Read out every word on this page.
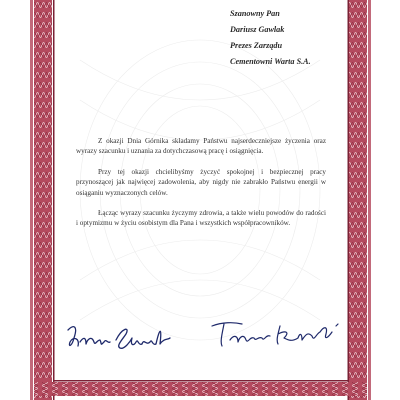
Szanowny Pan
Dariusz Gawlak
Prezes Zarządu
Cementowni Warta S.A.

Z okazji Dnia Górnika składamy Państwu najserdeczniejsze życzenia oraz wyrazy szacunku i uznania za dotychczasową pracę i osiągnięcia.

Przy tej okazji chcielibyśmy życzyć spokojnej i bezpiecznej pracy przynoszącej jak najwięcej zadowolenia, aby nigdy nie zabrakło Państwu energii w osiąganiu wyznaczonych celów.

Łącząc wyrazy szacunku życzymy zdrowia, a także wielu powodów do radości i optymizmu w życiu osobistym dla Pana i wszystkich współpracowników.
